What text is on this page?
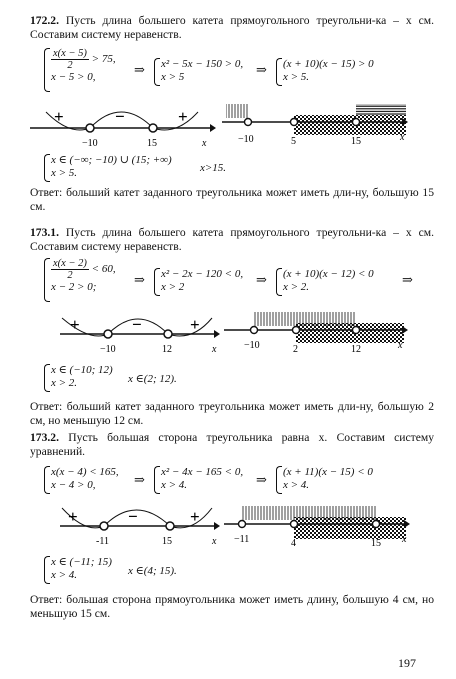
172.2. Пусть длина большего катета прямоугольного треугольни-ка – x см. Составим систему неравенств.
$\frac{x(x - 5)}{2} > 75$,
x − 5 > 0,	⇒	x² − 5x − 150 > 0,
x > 5	⇒	(x + 10)(x − 15) > 0
x > 5.
+	−	+
−10	15	x	−10	5	15	x
x ∈ (−∞; −10) ∪ (15; +∞)
x > 5.	x>15.
Ответ: больший катет заданного треугольника может иметь дли-ну, большую 15 см.
173.1. Пусть длина большего катета прямоугольного треугольни-ка – x см. Составим систему неравенств.
$\frac{x(x - 2)}{2} < 60$,
x − 2 > 0;	⇒	x² − 2x − 120 < 0,
x > 2	⇒	(x + 10)(x − 12) < 0
x > 2.	⇒
+	−	+
−10	12	x	−10	2	12	x
x ∈ (−10; 12)
x > 2.	x ∈(2; 12).
Ответ: больший катет заданного треугольника может иметь дли-ну, большую 2 см, но меньшую 12 см.
173.2. Пусть большая сторона треугольника равна x. Составим систему уравнений.
x(x − 4) < 165,
x − 4 > 0,	⇒	x² − 4x − 165 < 0,
x > 4.	⇒	(x + 11)(x − 15) < 0
x > 4.
+	−	+
-11	15	x −11	4	15 x
x ∈ (−11; 15)
x > 4.	x ∈(4; 15).
Ответ: большая сторона прямоугольника может иметь длину, большую 4 см, но меньшую 15 см.
197
